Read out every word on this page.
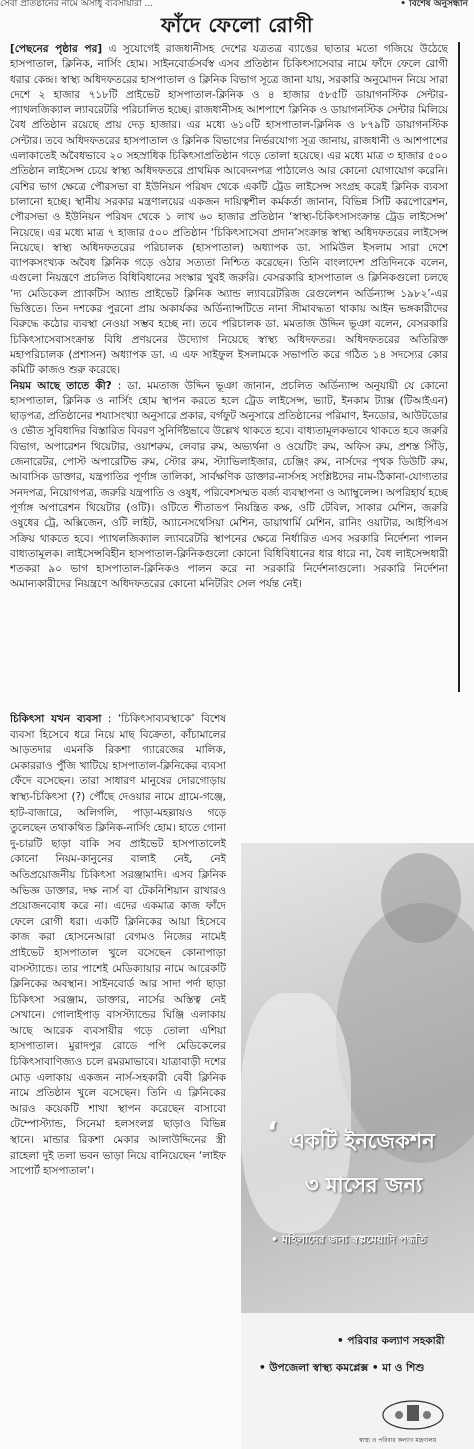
সেবা প্রতিষ্ঠানের নামে অসাধু ব্যবসায়ীরা ...	• বিশেষ অনুসন্ধান
ফাঁদে ফেলো রোগী

[পেছনের পৃষ্ঠার পর] এ সুযোগেই রাজধানীসহ দেশের যত্রতত্র ব্যাঙের ছাতার মতো গজিয়ে উঠেছে হাসপাতাল, ক্লিনিক, নার্সিং হোম। সাইনবোর্ডসর্বস্ব এসব প্রতিষ্ঠান চিকিৎসাসেবার নামে ফাঁদে ফেলে রোগী ধরার কেন্দ্র। স্বাস্থ্য অধিদফতরের হাসপাতাল ও ক্লিনিক বিভাগ সূত্রে জানা যায়, সরকারি অনুমোদন নিয়ে সারা দেশে ২ হাজার ৭১৮টি প্রাইভেট হাসপাতাল-ক্লিনিক ও ৪ হাজার ৫৮৫টি ডায়াগনস্টিক সেন্টার-প্যাথলজিক্যাল ল্যাবরেটরি পরিচালিত হচ্ছে। রাজধানীসহ আশপাশে ক্লিনিক ও ডায়াগনস্টিক সেন্টার মিলিয়ে বৈধ প্রতিষ্ঠান রয়েছে প্রায় দেড় হাজার। এর মধ্যে ৬১০টি হাসপাতাল-ক্লিনিক ও ৮৭৯টি ডায়াগনস্টিক সেন্টার। তবে অধিদফতরের হাসপাতাল ও ক্লিনিক বিভাগের নির্ভরযোগ্য সূত্র জানায়, রাজধানী ও আশপাশের এলাকাতেই অবৈধভাবে ২০ সহস্রাধিক চিকিৎসাপ্রতিষ্ঠান গড়ে তোলা হয়েছে। এর মধ্যে মাত্র ৩ হাজার ৫০০ প্রতিষ্ঠান লাইসেন্স চেয়ে স্বাস্থ্য অধিদফতরে প্রাথমিক আবেদনপত্র পাঠালেও আর কোনো যোগাযোগ করেনি। বেশির ভাগ ক্ষেত্রে পৌরসভা বা ইউনিয়ন পরিষদ থেকে একটি ট্রেড লাইসেন্স সংগ্রহ করেই ক্লিনিক ব্যবসা চালানো হচ্ছে। স্থানীয় সরকার মন্ত্রণালয়ের একজন দায়িত্বশীল কর্মকর্তা জানান, বিভিন্ন সিটি করপোরেশন, পৌরসভা ও ইউনিয়ন পরিষদ থেকে ১ লাখ ৬০ হাজার প্রতিষ্ঠান ‘স্বাস্থ্য-চিকিৎসাসংক্রান্ত ট্রেড লাইসেন্স’ নিয়েছে। এর মধ্যে মাত্র ৭ হাজার ৫০০ প্রতিষ্ঠান ‘চিকিৎসাসেবা প্রদান’সংক্রান্ত স্বাস্থ্য অধিদফতরের লাইসেন্স নিয়েছে। স্বাস্থ্য অধিদফতরের পরিচালক (হাসপাতাল) অধ্যাপক ডা. সামিউল ইসলাম সারা দেশে ব্যাপকসংখ্যক অবৈধ ক্লিনিক গড়ে ওঠার সত্যতা নিশ্চিত করেছেন। তিনি বাংলাদেশ প্রতিদিনকে বলেন, এগুলো নিয়ন্ত্রণে প্রচলিত বিধিবিধানের সংস্কার খুবই জরুরি। বেসরকারি হাসপাতাল ও ক্লিনিকগুলো চলছে ‘দ্য মেডিকেল প্র্যাকটিস অ্যান্ড প্রাইভেট ক্লিনিক অ্যান্ড ল্যাবরেটরিজ রেগুলেশন অর্ডিন্যান্স ১৯৮২’-এর ভিত্তিতে। তিন দশকের পুরনো প্রায় অকার্যকর অর্ডিন্যান্সটিতে নানা সীমাবদ্ধতা থাকায় আইন ভঙ্গকারীদের বিরুদ্ধে কঠোর ব্যবস্থা নেওয়া সম্ভব হচ্ছে না। তবে পরিচালক ডা. মমতাজ উদ্দিন ভূঞা বলেন, বেসরকারি চিকিৎসাসেবাসংক্রান্ত বিধি প্রণয়নের উদ্যোগ নিয়েছে স্বাস্থ্য অধিদফতর। অধিদফতরের অতিরিক্ত মহাপরিচালক (প্রশাসন) অধ্যাপক ডা. এ এফ সাইফুল ইসলামকে সভাপতি করে গঠিত ১৪ সদস্যের কোর কমিটি কাজও শুরু করেছে।

নিয়ম আছে তাতে কী? : ডা. মমতাজ উদ্দিন ভূঞা জানান, প্রচলিত অর্ডিন্যান্স অনুযায়ী যে কোনো হাসপাতাল, ক্লিনিক ও নার্সিং হোম স্থাপন করতে হলে ট্রেড লাইসেন্স, ভ্যাট, ইনকাম ট্যাক্স (টিআইএন) ছাড়পত্র, প্রতিষ্ঠানের শয্যাসংখ্যা অনুসারে প্রকার, বর্গফুট অনুসারে প্রতিষ্ঠানের পরিমাণ, ইনডোর, আউটডোর ও ভৌত সুবিধাদির বিস্তারিত বিবরণ সুনির্দিষ্টভাবে উল্লেখ থাকতে হবে। বাধ্যতামূলকভাবে থাকতে হবে জরুরি বিভাগ, অপারেশন থিয়েটার, ওয়াশরুম, লেবার রুম, অভ্যর্থনা ও ওয়েটিং রুম, অফিস রুম, প্রশস্ত সিঁড়ি, জেনারেটর, পোস্ট অপারেটিভ রুম, স্টোর রুম, স্ট্যাভিলাইজার, চেঞ্জিং রুম, নার্সদের পৃথক ডিউটি রুম, আবাসিক ডাক্তার, যন্ত্রপাতির পূর্ণাঙ্গ তালিকা, সার্বক্ষণিক ডাক্তার-নার্সসহ সংশ্লিষ্টদের নাম-ঠিকানা-যোগ্যতার সনদপত্র, নিয়োগপত্র, জরুরি যন্ত্রপাতি ও ওষুধ, পরিবেশসম্মত বর্জ্য ব্যবস্থাপনা ও অ্যাম্বুলেন্স। অপরিহার্য হচ্ছে পূর্ণাঙ্গ অপারেশন থিয়েটার (ওটি)। ওটিতে শীতাতপ নিয়ন্ত্রিত কক্ষ, ওটি টেবিল, সাকার মেশিন, জরুরি ওষুধের ট্রে, অক্সিজেন, ওটি লাইট, অ্যানেসথেসিয়া মেশিন, ডায়াথার্মি মেশিন, রানিং ওয়াটার, আইপিএস সক্রিয় থাকতে হবে। প্যাথলজিক্যাল ল্যাবরেটরি স্থাপনের ক্ষেত্রে নির্ধারিত এসব সরকারি নির্দেশনা পালন বাধ্যতামূলক। লাইসেন্সবিহীন হাসপাতাল-ক্লিনিকগুলো কোনো বিধিবিধানের ধার ধারে না, বৈধ লাইসেন্সধারী শতকরা ৯০ ভাগ হাসপাতাল-ক্লিনিকও পালন করে না সরকারি নির্দেশনাগুলো। সরকারি নির্দেশনা অমান্যকারীদের নিয়ন্ত্রণে অধিদফতরের কোনো মনিটরিং সেল পর্যন্ত নেই।

চিকিৎসা যখন ব্যবসা : ‘চিকিৎসাব্যবস্থাকে’ বিশেষ ব্যবসা হিসেবে ধরে নিয়ে মাছ বিক্রেতা, কাঁচামালের আড়তদার এমনকি রিকশা গ্যারেজের মালিক, মেকাররাও পুঁজি খাটিয়ে হাসপাতাল-ক্লিনিকের ব্যবসা ফেঁদে বসেছেন। তারা সাধারণ মানুষের দোরগোড়ায় স্বাস্থ্য-চিকিৎসা (?) পৌঁছে দেওয়ার নামে গ্রামে-গঞ্জে, হাট-বাজারে, অলিগলি, পাড়া-মহল্লায়ও গড়ে তুলেছেন তথাকথিত ক্লিনিক-নার্সিং হোম। হাতে গোনা দু-চারটি ছাড়া বাকি সব প্রাইভেট হাসপাতালেই কোনো নিয়ম-কানুনের বালাই নেই, নেই অতিপ্রয়োজনীয় চিকিৎসা সরঞ্জামাদি। এসব ক্লিনিক অভিজ্ঞ ডাক্তার, দক্ষ নার্স বা টেকনিশিয়ান রাখারও প্রয়োজনবোধ করে না। এদের একমাত্র কাজ ফাঁদে ফেলে রোগী ধরা। একটি ক্লিনিকের আয়া হিসেবে কাজ করা হোসনেআরা বেগমও নিজের নামেই প্রাইভেট হাসপাতাল খুলে বসেছেন কোনাপাড়া বাসস্ট্যান্ডে। তার পাশেই মেডিক্যায়ার নামে আরেকটি ক্লিনিকের অবস্থান। সাইনবোর্ড আর সাদা পর্দা ছাড়া চিকিৎসা সরঞ্জাম, ডাক্তার, নার্সের অস্তিত্ব নেই সেখানে। গোলাইপাড় বাসস্ট্যান্ডের ঘিঞ্জি এলাকায় আছে আরেক ব্যবসায়ীর গড়ে তোলা এশিয়া হাসপাতাল। মুরাদপুর রোডে পপি মেডিকেলের চিকিৎসাবাণিজ্যও চলে রমরমাভাবে। যাত্রাবাড়ী দশের মোড় এলাকায় একজন নার্স-সহকারী বেবী ক্লিনিক নামে প্রতিষ্ঠান খুলে বসেছেন। তিনি এ ক্লিনিকের আরও কয়েকটি শাখা স্থাপন করেছেন বাসাবো টেম্পোস্ট্যান্ড, সিনেমা হলসংলগ্ন ছাড়াও বিভিন্ন স্থানে। মান্ডার রিকশা মেকার আলাউদ্দিনের স্ত্রী রাহেলা দুই তলা ভবন ভাড়া নিয়ে বানিয়েছেন ‘লাইফ সাপোর্ট হাসপাতাল’।

‘ একটি ইনজেকশন
৩ মাসের জন্য
• মহিলাদের জন্য স্বল্পমেয়াদি পদ্ধতি
• পরিবার কল্যাণ সহকারী
• উপজেলা স্বাস্থ্য কমপ্লেক্স • মা ও শিশু
স্বাস্থ্য ও পরিবার কল্যাণ মন্ত্রণালয়
